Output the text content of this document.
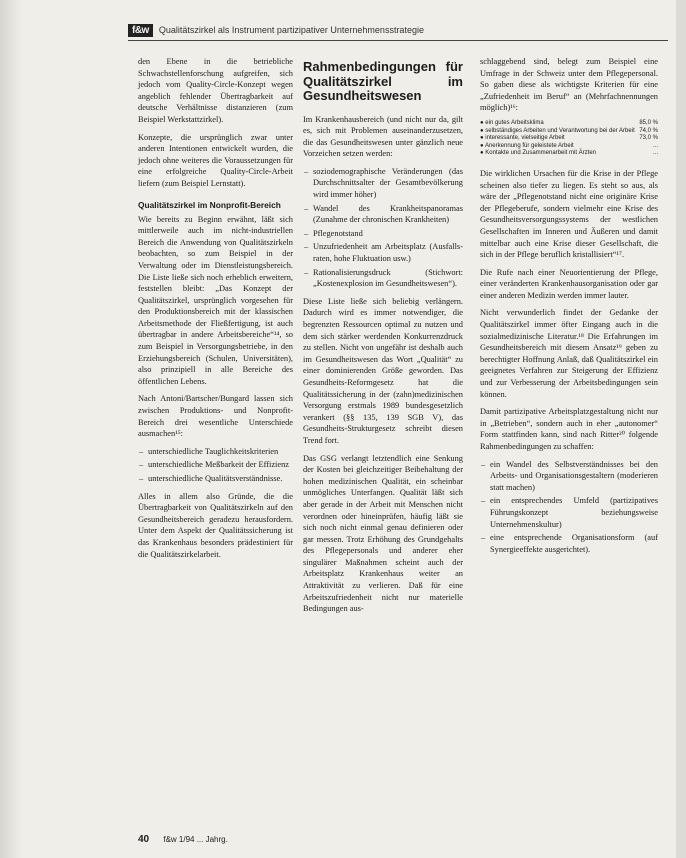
f&w	Qualitätszirkel als Instrument partizipativer Unternehmensstrategie

den Ebene in die betriebliche Schwachstellenforschung aufgreifen, sich jedoch vom Quality-Circle-Konzept wegen angeblich fehlender Übertragbarkeit auf deutsche Verhältnisse distanzieren (zum Beispiel Werkstattzirkel).

Konzepte, die ursprünglich zwar unter anderen Intentionen entwickelt wurden, die jedoch ohne weiteres die Voraussetzungen für eine erfolgreiche Quality-Circle-Arbeit liefern (zum Beispiel Lernstatt).

Qualitätszirkel im Nonprofit-Bereich

Wie bereits zu Beginn erwähnt, läßt sich mittlerweile auch im nicht-industriellen Bereich die Anwendung von Qualitätszirkeln beobachten, so zum Beispiel in der Verwaltung oder im Dienstleistungsbereich. Die Liste ließe sich noch erheblich erweitern, feststellen bleibt: „Das Konzept der Qualitätszirkel, ursprünglich vorgesehen für den Produktionsbereich mit der klassischen Arbeitsmethode der Fließfertigung, ist auch übertragbar in andere Arbeitsbereiche“¹⁴, so zum Beispiel in Versorgungsbetriebe, in den Erziehungsbereich (Schulen, Universitäten), also prinzipiell in alle Bereiche des öffentlichen Lebens.

Nach Antoni/Bartscher/Bungard lassen sich zwischen Produktions- und Nonprofit-Bereich drei wesentliche Unterschiede ausmachen¹⁵:

– unterschiedliche Tauglichkeitskriterien
– unterschiedliche Meßbarkeit der Effizienz
– unterschiedliche Qualitätsverständnisse.

Alles in allem also Gründe, die die Übertragbarkeit von Qualitätszirkeln auf den Gesundheitsbereich geradezu herausfordern. Unter dem Aspekt der Qualitätssicherung ist das Krankenhaus besonders prädestiniert für die Qualitätszirkelarbeit.

Rahmenbedingungen für Qualitätszirkel im Gesundheitswesen

Im Krankenhausbereich (und nicht nur da, gilt es, sich mit Problemen auseinanderzusetzen, die das Gesundheitswesen unter gänzlich neue Vorzeichen setzen werden:

– soziodemographische Veränderungen (das Durchschnittsalter der Gesamtbevölkerung wird immer höher)
– Wandel des Krankheitspanoramas (Zunahme der chronischen Krankheiten)
– Pflegenotstand
– Unzufriedenheit am Arbeitsplatz (Ausfallsraten, hohe Fluktuation usw.)
– Rationalisierungsdruck (Stichwort: „Kostenexplosion im Gesundheitswesen“).

Diese Liste ließe sich beliebig verlängern. Dadurch wird es immer notwendiger, die begrenzten Ressourcen optimal zu nutzen und dem sich stärker werdenden Konkurrenzdruck zu stellen. Nicht von ungefähr ist deshalb auch im Gesundheitswesen das Wort „Qualität“ zu einer dominierenden Größe geworden. Das Gesundheits-Reformgesetz hat die Qualitätssicherung in der (zahn)medizinischen Versorgung erstmals 1989 bundesgesetzlich verankert (§§ 135, 139 SGB V), das Gesundheits-Strukturgesetz schreibt diesen Trend fort.

Das GSG verlangt letztendlich eine Senkung der Kosten bei gleichzeitiger Beibehaltung der hohen medizinischen Qualität, ein scheinbar unmögliches Unterfangen. Qualität läßt sich aber gerade in der Arbeit mit Menschen nicht verordnen oder hineinprüfen, häufig läßt sie sich noch nicht einmal genau definieren oder gar messen. Trotz Erhöhung des Grundgehalts des Pflegepersonals und anderer eher singulärer Maßnahmen scheint auch der Arbeitsplatz Krankenhaus weiter an Attraktivität zu verlieren. Daß für eine Arbeitszufriedenheit nicht nur materielle Bedingungen aus-

schlaggebend sind, belegt zum Beispiel eine Umfrage in der Schweiz unter dem Pflegepersonal. So gaben diese als wichtigste Kriterien für eine „Zufriedenheit im Beruf“ an (Mehrfachnennungen möglich)¹⁶:

● ein gutes Arbeitsklima	85,0 %
● selbständiges Arbeiten und Verantwortung bei der Arbeit 74,0 %
● interessante, vielseitige Arbeit	73,0 %
● Anerkennung für geleistete Arbeit	...
● Kontakte und Zusammenarbeit mit Ärzten	...

Die wirklichen Ursachen für die Krise in der Pflege scheinen also tiefer zu liegen. Es steht so aus, als wäre der „Pflegenotstand nicht eine originäre Krise der Pflegeberufe, sondern vielmehr eine Krise des Gesundheitsversorgungssystems der westlichen Gesellschaften im Inneren und Äußeren und damit mittelbar auch eine Krise dieser Gesellschaft, die sich in der Pflege beruflich kristallisiert“¹⁷.

Die Rufe nach einer Neuorientierung der Pflege, einer veränderten Krankenhausorganisation oder gar einer anderen Medizin werden immer lauter.

Nicht verwunderlich findet der Gedanke der Qualitätszirkel immer öfter Eingang auch in die sozialmedizinische Literatur.¹⁸ Die Erfahrungen im Gesundheitsbereich mit diesem Ansatz¹⁹ geben zu berechtigter Hoffnung Anlaß, daß Qualitätszirkel ein geeignetes Verfahren zur Steigerung der Effizienz und zur Verbesserung der Arbeitsbedingungen sein können.

Damit partizipative Arbeitsplatzgestaltung nicht nur in „Betrieben“, sondern auch in eher „autonomer“ Form stattfinden kann, sind nach Ritter²⁰ folgende Rahmenbedingungen zu schaffen:

– ein Wandel des Selbstverständnisses bei den Arbeits- und Organisationsgestaltern (moderieren statt machen)
– ein entsprechendes Umfeld (partizipatives Führungskonzept beziehungsweise Unternehmenskultur)
– eine entsprechende Organisationsform (auf Synergieeffekte ausgerichtet).
40 f&w 1/94 ... Jahrg.
